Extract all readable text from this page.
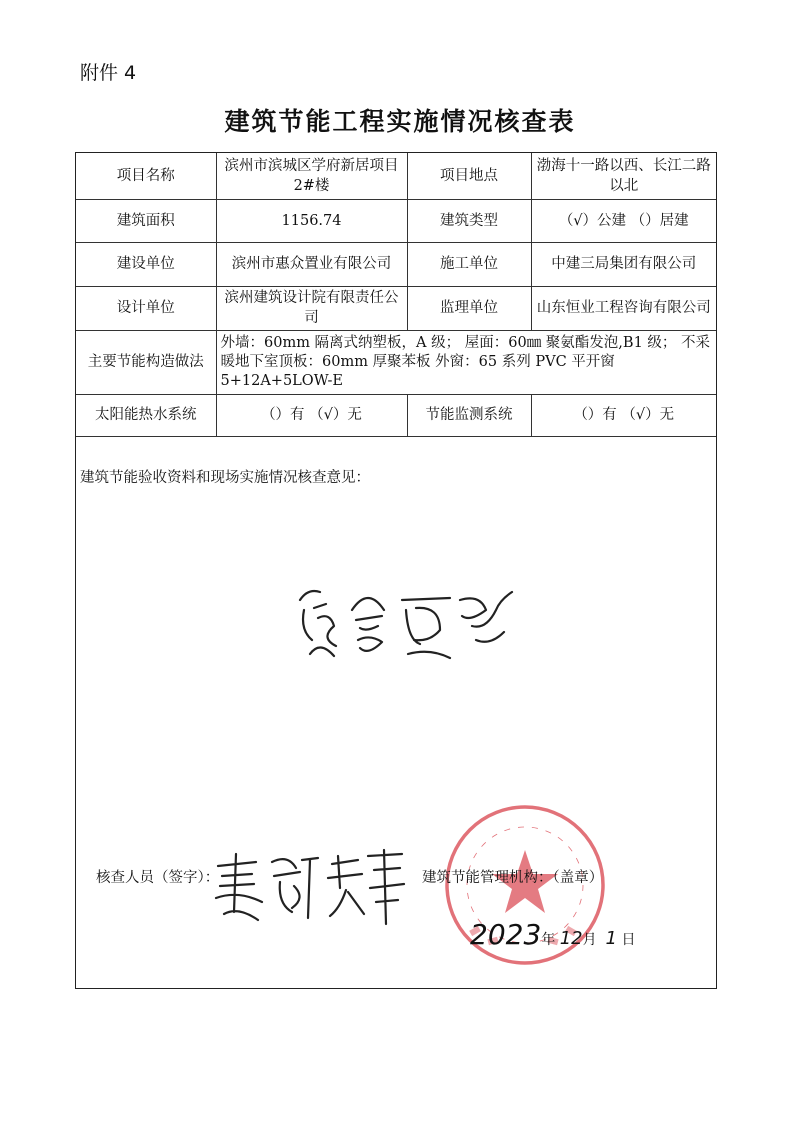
附件 4
建筑节能工程实施情况核查表
项目名称	滨州市滨城区学府新居项目 2#楼	项目地点	渤海十一路以西、长江二路以北
建筑面积	1156.74	建筑类型	（√）公建 （）居建
建设单位	滨州市惠众置业有限公司	施工单位	中建三局集团有限公司
设计单位	滨州建筑设计院有限责任公司	监理单位	山东恒业工程咨询有限公司
主要节能构造做法	外墙：60mm 隔离式纳塑板，A 级； 屋面：60㎜ 聚氨酯发泡,B1 级； 不采暖地下室顶板：60mm 厚聚苯板 外窗：65 系列 PVC 平开窗 5+12A+5LOW-E		
太阳能热水系统	（）有 （√）无	节能监测系统	（）有 （√）无
建筑节能验收资料和现场实施情况核查意见：
核查人员（签字）：	建筑节能管理机构：（盖章）
2023年 12月 1 日
